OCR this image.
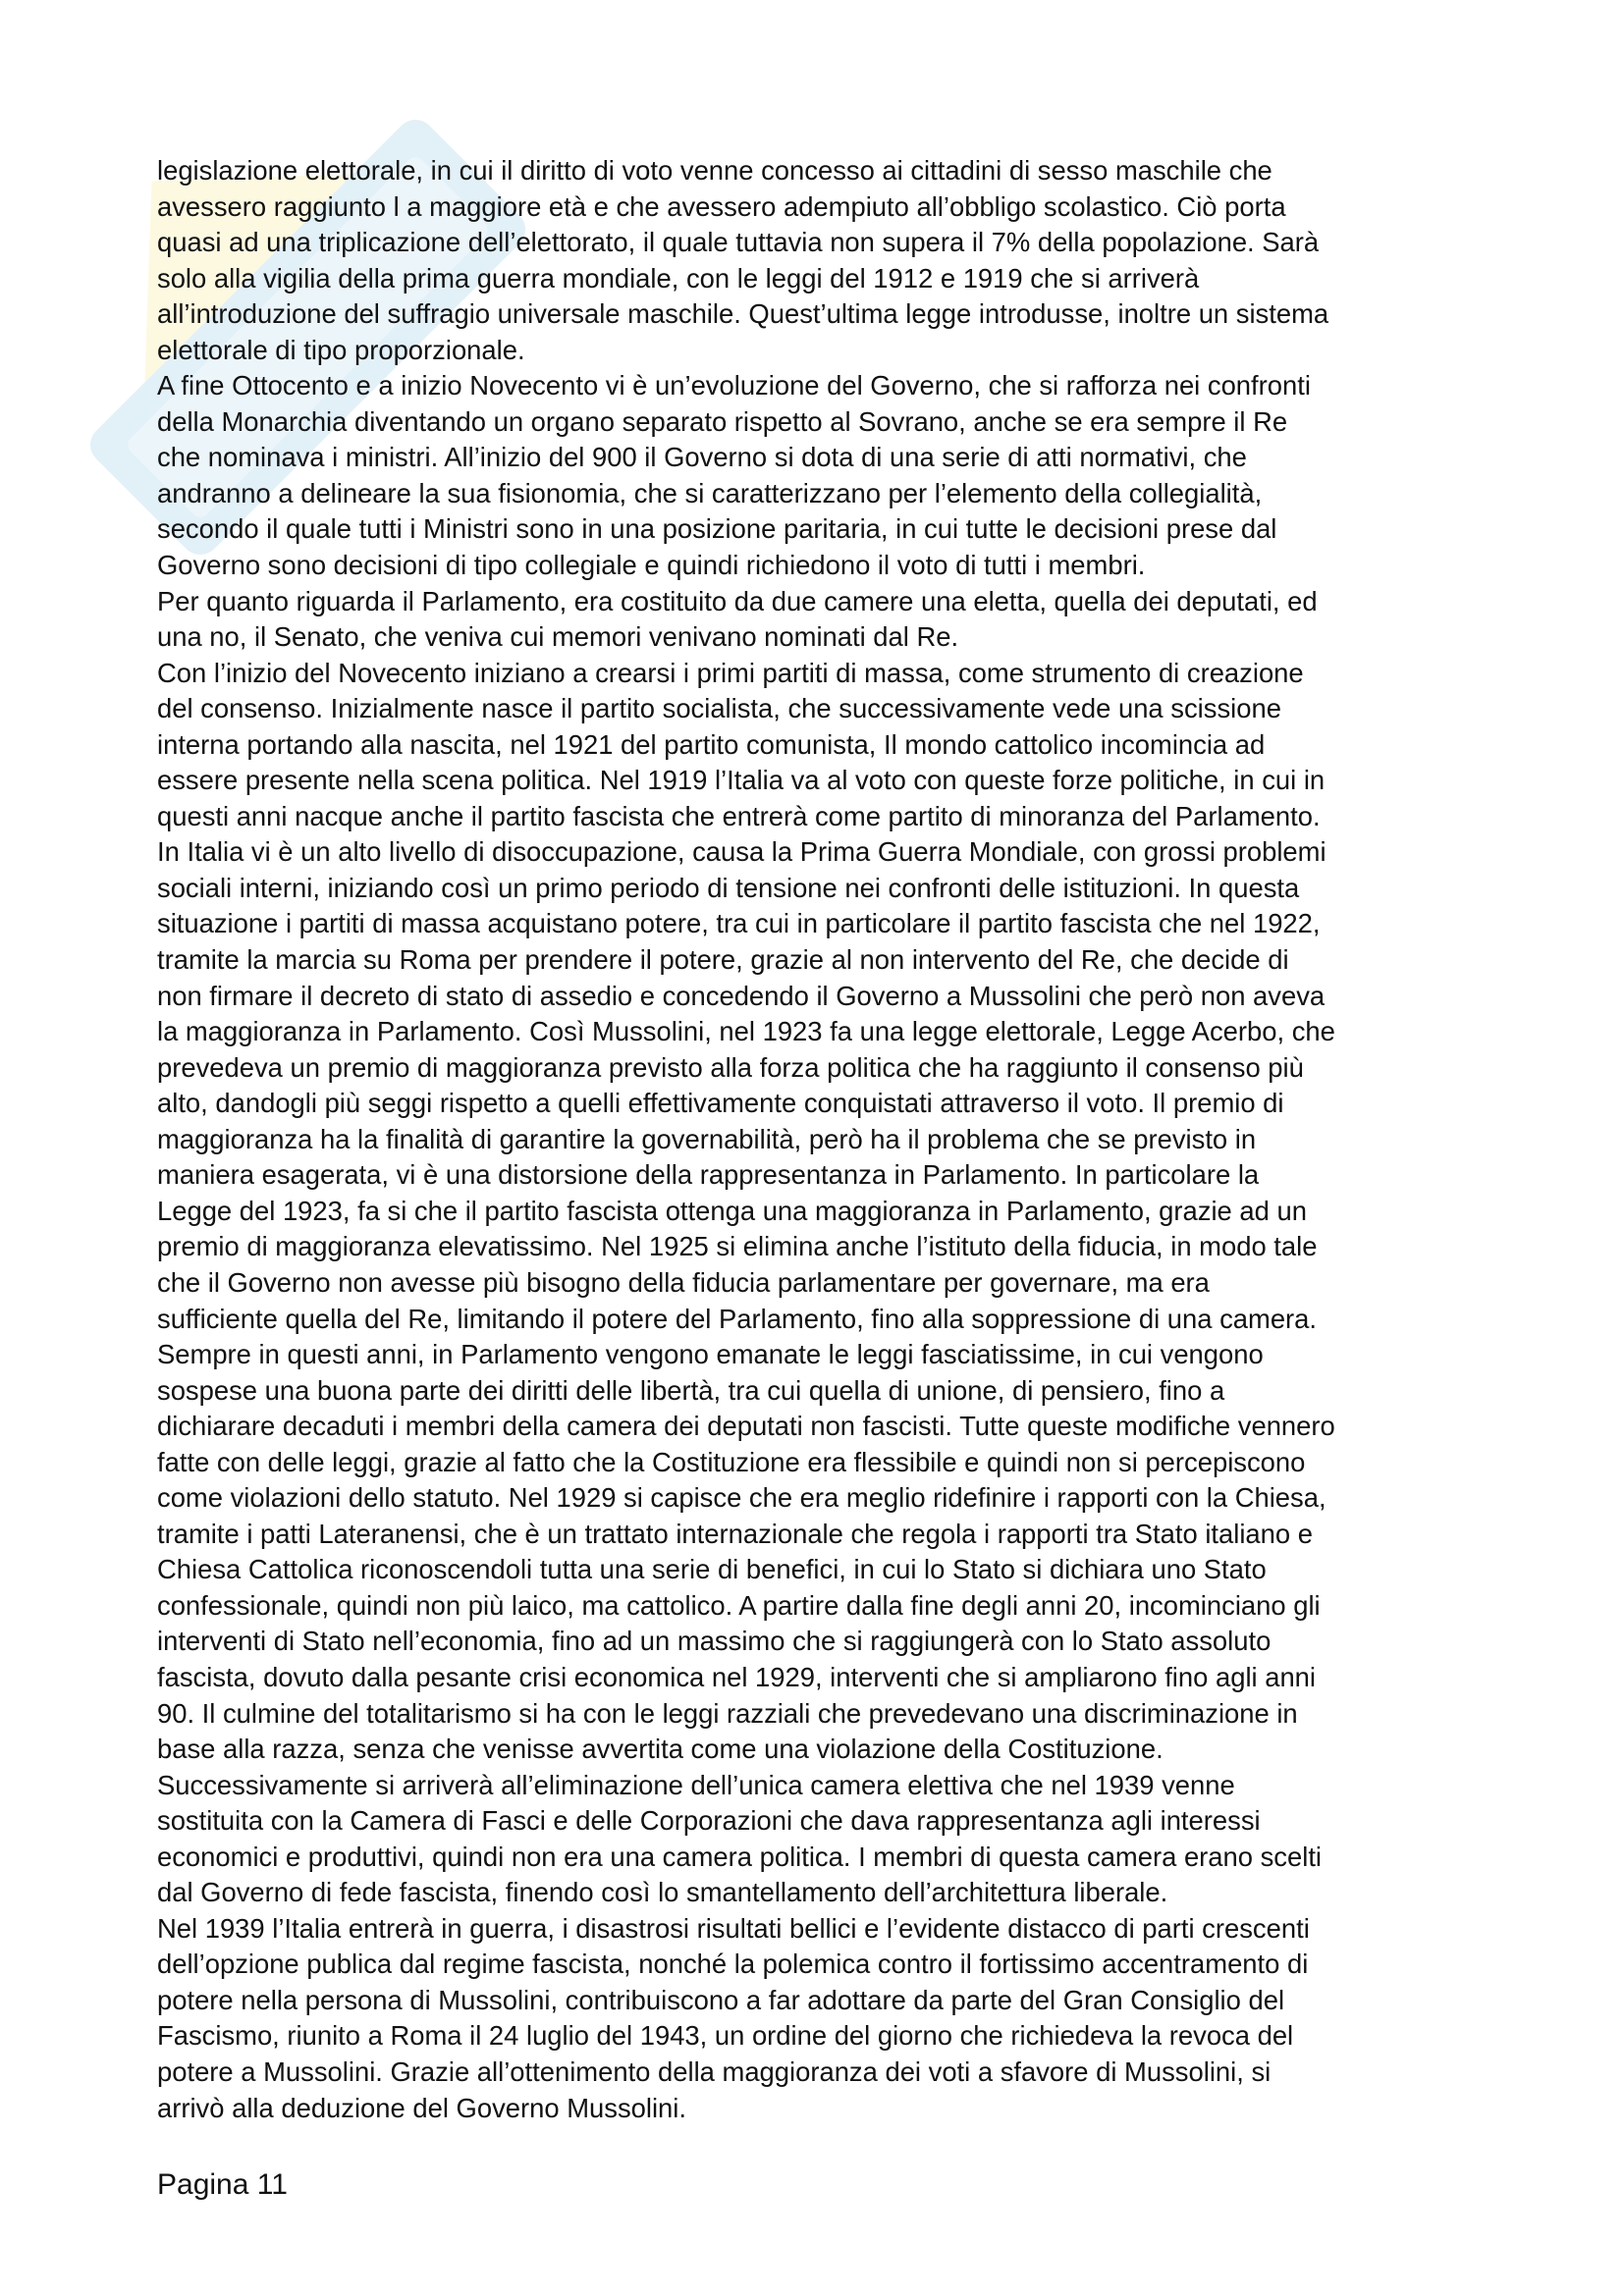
legislazione elettorale, in cui il diritto di voto venne concesso ai cittadini di sesso maschile che
avessero raggiunto l a maggiore età e che avessero adempiuto all’obbligo scolastico. Ciò porta
quasi ad una triplicazione dell’elettorato, il quale tuttavia non supera il 7% della popolazione. Sarà
solo alla vigilia della prima guerra mondiale, con le leggi del 1912 e 1919 che si arriverà
all’introduzione del suffragio universale maschile. Quest’ultima legge introdusse, inoltre un sistema
elettorale di tipo proporzionale.

A fine Ottocento e a inizio Novecento vi è un’evoluzione del Governo, che si rafforza nei confronti
della Monarchia diventando un organo separato rispetto al Sovrano, anche se era sempre il Re
che nominava i ministri. All’inizio del 900 il Governo si dota di una serie di atti normativi, che
andranno a delineare la sua fisionomia, che si caratterizzano per l’elemento della collegialità,
secondo il quale tutti i Ministri sono in una posizione paritaria, in cui tutte le decisioni prese dal
Governo sono decisioni di tipo collegiale e quindi richiedono il voto di tutti i membri.

Per quanto riguarda il Parlamento, era costituito da due camere una eletta, quella dei deputati, ed
una no, il Senato, che veniva cui memori venivano nominati dal Re.

Con l’inizio del Novecento iniziano a crearsi i primi partiti di massa, come strumento di creazione
del consenso. Inizialmente nasce il partito socialista, che successivamente vede una scissione
interna portando alla nascita, nel 1921 del partito comunista, Il mondo cattolico incomincia ad
essere presente nella scena politica. Nel 1919 l’Italia va al voto con queste forze politiche, in cui in
questi anni nacque anche il partito fascista che entrerà come partito di minoranza del Parlamento.
In Italia vi è un alto livello di disoccupazione, causa la Prima Guerra Mondiale, con grossi problemi
sociali interni, iniziando così un primo periodo di tensione nei confronti delle istituzioni. In questa
situazione i partiti di massa acquistano potere, tra cui in particolare il partito fascista che nel 1922,
tramite la marcia su Roma per prendere il potere, grazie al non intervento del Re, che decide di
non firmare il decreto di stato di assedio e concedendo il Governo a Mussolini che però non aveva
la maggioranza in Parlamento. Così Mussolini, nel 1923 fa una legge elettorale, Legge Acerbo, che
prevedeva un premio di maggioranza previsto alla forza politica che ha raggiunto il consenso più
alto, dandogli più seggi rispetto a quelli effettivamente conquistati attraverso il voto. Il premio di
maggioranza ha la finalità di garantire la governabilità, però ha il problema che se previsto in
maniera esagerata, vi è una distorsione della rappresentanza in Parlamento. In particolare la
Legge del 1923, fa si che il partito fascista ottenga una maggioranza in Parlamento, grazie ad un
premio di maggioranza elevatissimo. Nel 1925 si elimina anche l’istituto della fiducia, in modo tale
che il Governo non avesse più bisogno della fiducia parlamentare per governare, ma era
sufficiente quella del Re, limitando il potere del Parlamento, fino alla soppressione di una camera.
Sempre in questi anni, in Parlamento vengono emanate le leggi fasciatissime, in cui vengono
sospese una buona parte dei diritti delle libertà, tra cui quella di unione, di pensiero, fino a
dichiarare decaduti i membri della camera dei deputati non fascisti. Tutte queste modifiche vennero
fatte con delle leggi, grazie al fatto che la Costituzione era flessibile e quindi non si percepiscono
come violazioni dello statuto. Nel 1929 si capisce che era meglio ridefinire i rapporti con la Chiesa,
tramite i patti Lateranensi, che è un trattato internazionale che regola i rapporti tra Stato italiano e
Chiesa Cattolica riconoscendoli tutta una serie di benefici, in cui lo Stato si dichiara uno Stato
confessionale, quindi non più laico, ma cattolico. A partire dalla fine degli anni 20, incominciano gli
interventi di Stato nell’economia, fino ad un massimo che si raggiungerà con lo Stato assoluto
fascista, dovuto dalla pesante crisi economica nel 1929, interventi che si ampliarono fino agli anni
90. Il culmine del totalitarismo si ha con le leggi razziali che prevedevano una discriminazione in
base alla razza, senza che venisse avvertita come una violazione della Costituzione.
Successivamente si arriverà all’eliminazione dell’unica camera elettiva che nel 1939 venne
sostituita con la Camera di Fasci e delle Corporazioni che dava rappresentanza agli interessi
economici e produttivi, quindi non era una camera politica. I membri di questa camera erano scelti
dal Governo di fede fascista, finendo così lo smantellamento dell’architettura liberale.

Nel 1939 l’Italia entrerà in guerra, i disastrosi risultati bellici e l’evidente distacco di parti crescenti
dell’opzione publica dal regime fascista, nonché la polemica contro il fortissimo accentramento di
potere nella persona di Mussolini, contribuiscono a far adottare da parte del Gran Consiglio del
Fascismo, riunito a Roma il 24 luglio del 1943, un ordine del giorno che richiedeva la revoca del
potere a Mussolini. Grazie all’ottenimento della maggioranza dei voti a sfavore di Mussolini, si
arrivò alla deduzione del Governo Mussolini.

Pagina 11
